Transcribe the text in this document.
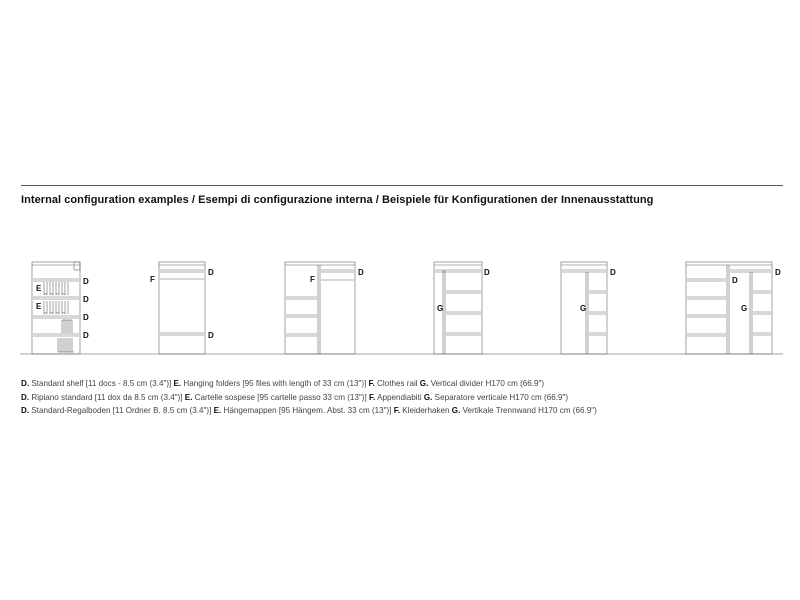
Internal configuration examples / Esempi di configurazione interna / Beispiele für Konfigurationen der Innenausstattung
E
E
D
D
D
D
F
D
D
F
D
G
D
G
D
D
G
D
D. Standard shelf [11 docs - 8.5 cm (3.4")] E. Hanging folders [95 files with length of 33 cm (13")] F. Clothes rail G. Vertical divider H170 cm (66.9")
D. Ripiano standard [11 dox da 8.5 cm (3.4")] E. Cartelle sospese [95 cartelle passo 33 cm (13")] F. Appendiabiti G. Separatore verticale H170 cm (66.9")
D. Standard-Regalboden [11 Ordner B. 8.5 cm (3.4")] E. Hängemappen [95 Hängem. Abst. 33 cm (13")] F. Kleiderhaken G. Vertikale Trennwand H170 cm (66.9")
